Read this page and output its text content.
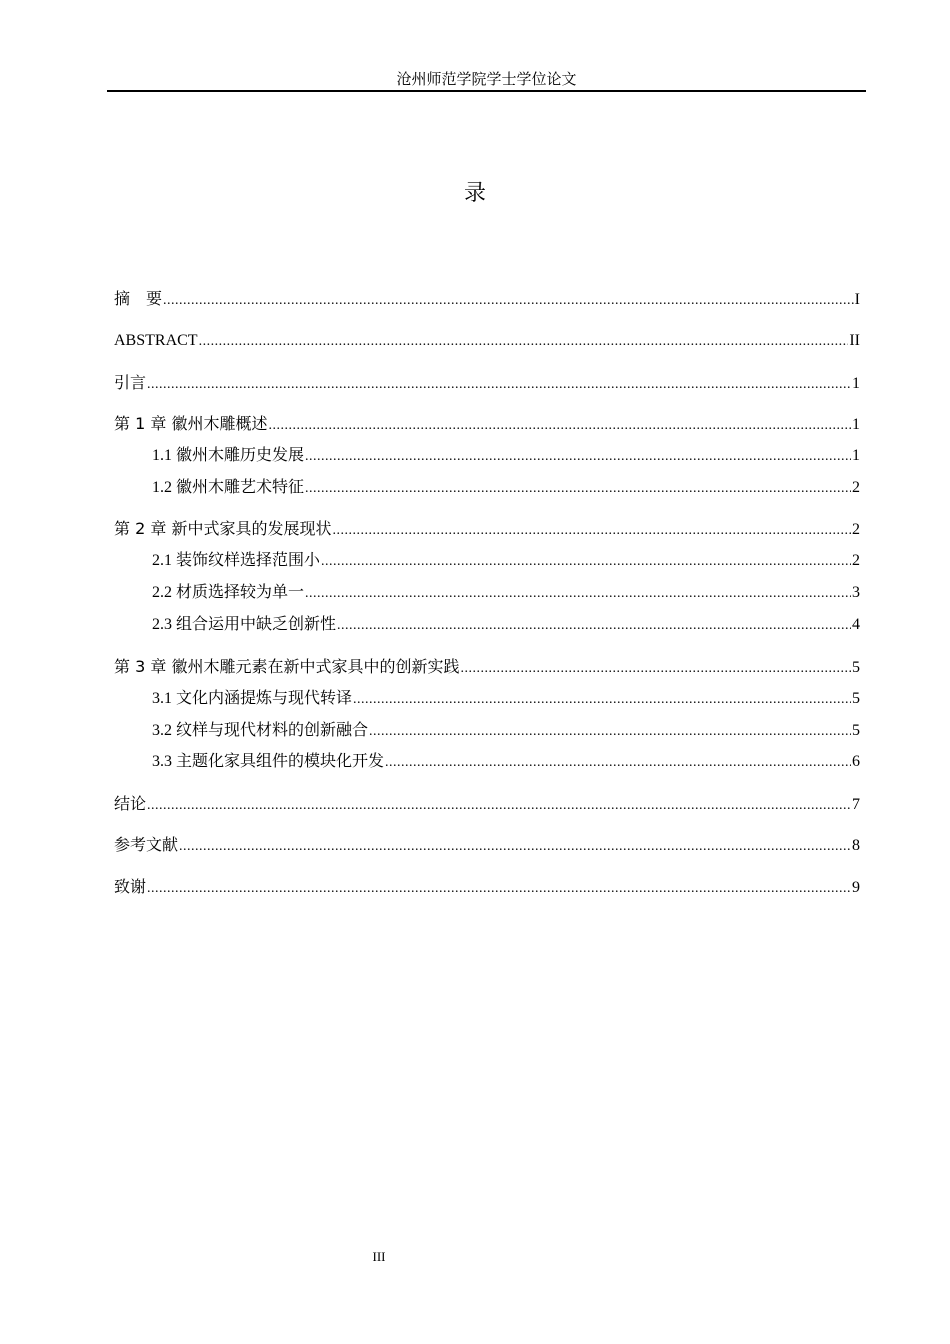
沧州师范学院学士学位论文
录
摘　要 .....	I
ABSTRACT .....	II
引言 .....	1
第 1 章 徽州木雕概述 .....	1
1.1 徽州木雕历史发展 .....	1
1.2 徽州木雕艺术特征 .....	2
第 2 章 新中式家具的发展现状 .....	2
2.1 装饰纹样选择范围小 .....	2
2.2 材质选择较为单一 .....	3
2.3 组合运用中缺乏创新性 .....	4
第 3 章 徽州木雕元素在新中式家具中的创新实践 .....	5
3.1 文化内涵提炼与现代转译 .....	5
3.2 纹样与现代材料的创新融合 .....	5
3.3 主题化家具组件的模块化开发 .....	6
结论 .....	7
参考文献 .....	8
致谢 .....	9
III
